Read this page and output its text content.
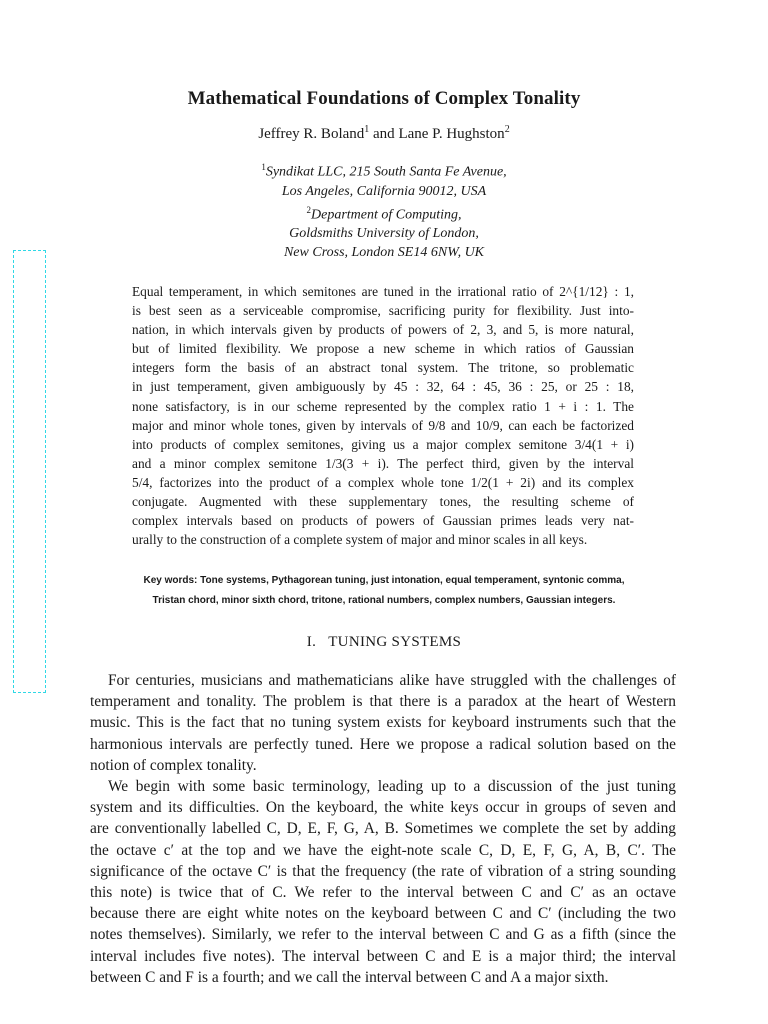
Mathematical Foundations of Complex Tonality
Jeffrey R. Boland$^1$ and Lane P. Hughston$^2$
$^1$Syndikat LLC, 215 South Santa Fe Avenue,
Los Angeles, California 90012, USA
$^2$Department of Computing,
Goldsmiths University of London,
New Cross, London SE14 6NW, UK
Equal temperament, in which semitones are tuned in the irrational ratio of 2^{1/12} : 1,
is best seen as a serviceable compromise, sacrificing purity for flexibility. Just into-
nation, in which intervals given by products of powers of 2, 3, and 5, is more natural,
but of limited flexibility. We propose a new scheme in which ratios of Gaussian
integers form the basis of an abstract tonal system. The tritone, so problematic
in just temperament, given ambiguously by 45 : 32, 64 : 45, 36 : 25, or 25 : 18,
none satisfactory, is in our scheme represented by the complex ratio 1 + i : 1. The
major and minor whole tones, given by intervals of 9/8 and 10/9, can each be factorized
into products of complex semitones, giving us a major complex semitone 3/4(1 + i)
and a minor complex semitone 1/3(3 + i). The perfect third, given by the interval
5/4, factorizes into the product of a complex whole tone 1/2(1 + 2i) and its complex
conjugate. Augmented with these supplementary tones, the resulting scheme of
complex intervals based on products of powers of Gaussian primes leads very nat-
urally to the construction of a complete system of major and minor scales in all keys.
Key words: Tone systems, Pythagorean tuning, just intonation, equal temperament, syntonic comma,
Tristan chord, minor sixth chord, tritone, rational numbers, complex numbers, Gaussian integers.
I. TUNING SYSTEMS
For centuries, musicians and mathematicians alike have struggled with the challenges of
temperament and tonality. The problem is that there is a paradox at the heart of Western
music. This is the fact that no tuning system exists for keyboard instruments such that the
harmonious intervals are perfectly tuned. Here we propose a radical solution based on the
notion of complex tonality.
We begin with some basic terminology, leading up to a discussion of the just tuning
system and its difficulties. On the keyboard, the white keys occur in groups of seven and
are conventionally labelled C, D, E, F, G, A, B. Sometimes we complete the set by adding
the octave c′ at the top and we have the eight-note scale C, D, E, F, G, A, B, C′. The
significance of the octave C′ is that the frequency (the rate of vibration of a string sounding
this note) is twice that of C. We refer to the interval between C and C′ as an octave
because there are eight white notes on the keyboard between C and C′ (including the two
notes themselves). Similarly, we refer to the interval between C and G as a fifth (since the
interval includes five notes). The interval between C and E is a major third; the interval
between C and F is a fourth; and we call the interval between C and A a major sixth.
